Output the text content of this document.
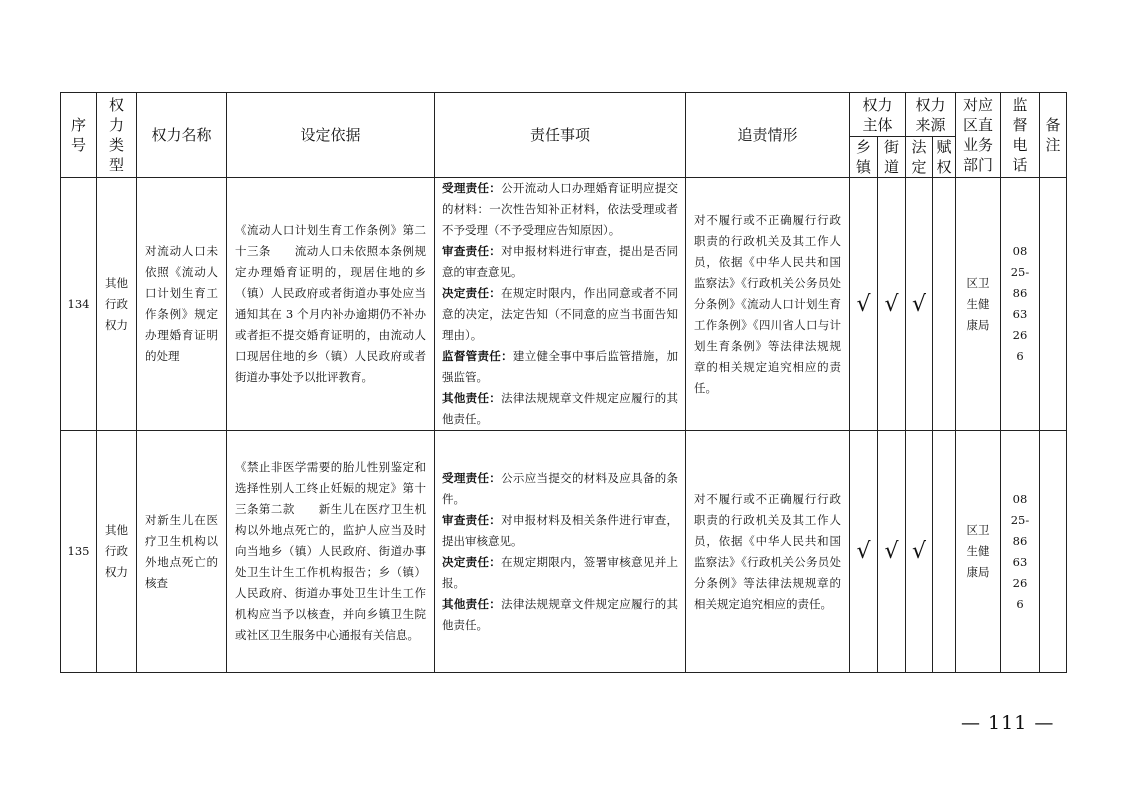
序号	权力类型	权力名称	设定依据	责任事项	追责情形	权力主体		权力来源		对应区直业务部门	监督电话	备注

						乡镇	街道	法定	赋权			

134	其他行政权力	对流动人口未依照《流动人口计划生育工作条例》规定办理婚育证明的处理	《流动人口计划生育工作条例》第二十三条　　流动人口未依照本条例规定办理婚育证明的，现居住地的乡（镇）人民政府或者街道办事处应当通知其在 3 个月内补办逾期仍不补办或者拒不提交婚育证明的，由流动人口现居住地的乡（镇）人民政府或者街道办事处予以批评教育。	受理责任：公开流动人口办理婚育证明应提交的材料：一次性告知补正材料，依法受理或者不予受理（不予受理应告知原因）。
审查责任：对申报材料进行审查，提出是否同意的审查意见。
决定责任：在规定时限内，作出同意或者不同意的决定，法定告知（不同意的应当书面告知理由）。
监督管责任：建立健全事中事后监管措施，加强监管。
其他责任：法律法规规章文件规定应履行的其他责任。	对不履行或不正确履行行政职责的行政机关及其工作人员，依据《中华人民共和国监察法》《行政机关公务员处分条例》《流动人口计划生育工作条例》《四川省人口与计划生育条例》等法律法规规章的相关规定追究相应的责任。	√	√	√		区卫生健康局	0825-8663266	

135	其他行政权力	对新生儿在医疗卫生机构以外地点死亡的核查	《禁止非医学需要的胎儿性别鉴定和选择性别人工终止妊娠的规定》第十三条第二款　　新生儿在医疗卫生机构以外地点死亡的，监护人应当及时向当地乡（镇）人民政府、街道办事处卫生计生工作机构报告；乡（镇）人民政府、街道办事处卫生计生工作机构应当予以核查，并向乡镇卫生院或社区卫生服务中心通报有关信息。	受理责任：公示应当提交的材料及应具备的条件。
审查责任：对申报材料及相关条件进行审查，提出审核意见。
决定责任：在规定期限内，签署审核意见并上报。
其他责任：法律法规规章文件规定应履行的其他责任。	对不履行或不正确履行行政职责的行政机关及其工作人员，依据《中华人民共和国监察法》《行政机关公务员处分条例》等法律法规规章的相关规定追究相应的责任。	√	√	√		区卫生健康局	0825-8663266	

— 111 —
